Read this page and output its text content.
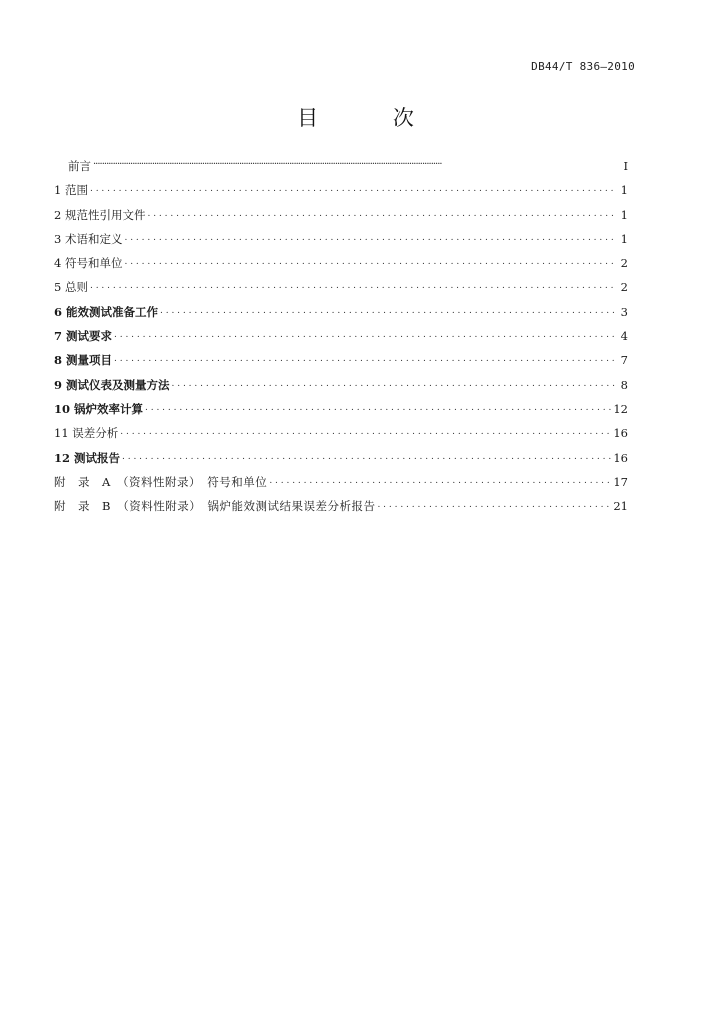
DB44/T 836—2010
目 次
前言 ·····	I
1 范围 . . .	1
2 规范性引用文件 . . .	1
3 术语和定义 . . .	1
4 符号和单位 . . .	2
5 总则 . . .	2
6 能效测试准备工作 . . .	3
7 测试要求 . . .	4
8 测量项目 . . .	7
9 测试仪表及测量方法 . . .	8
10 锅炉效率计算 . . .	12
11 误差分析 . . .	16
12 测试报告 . . .	16
附　录　A　（资料性附录）　符号和单位 . . .	17
附　录　B　（资料性附录）　锅炉能效测试结果误差分析报告 . . .	21
